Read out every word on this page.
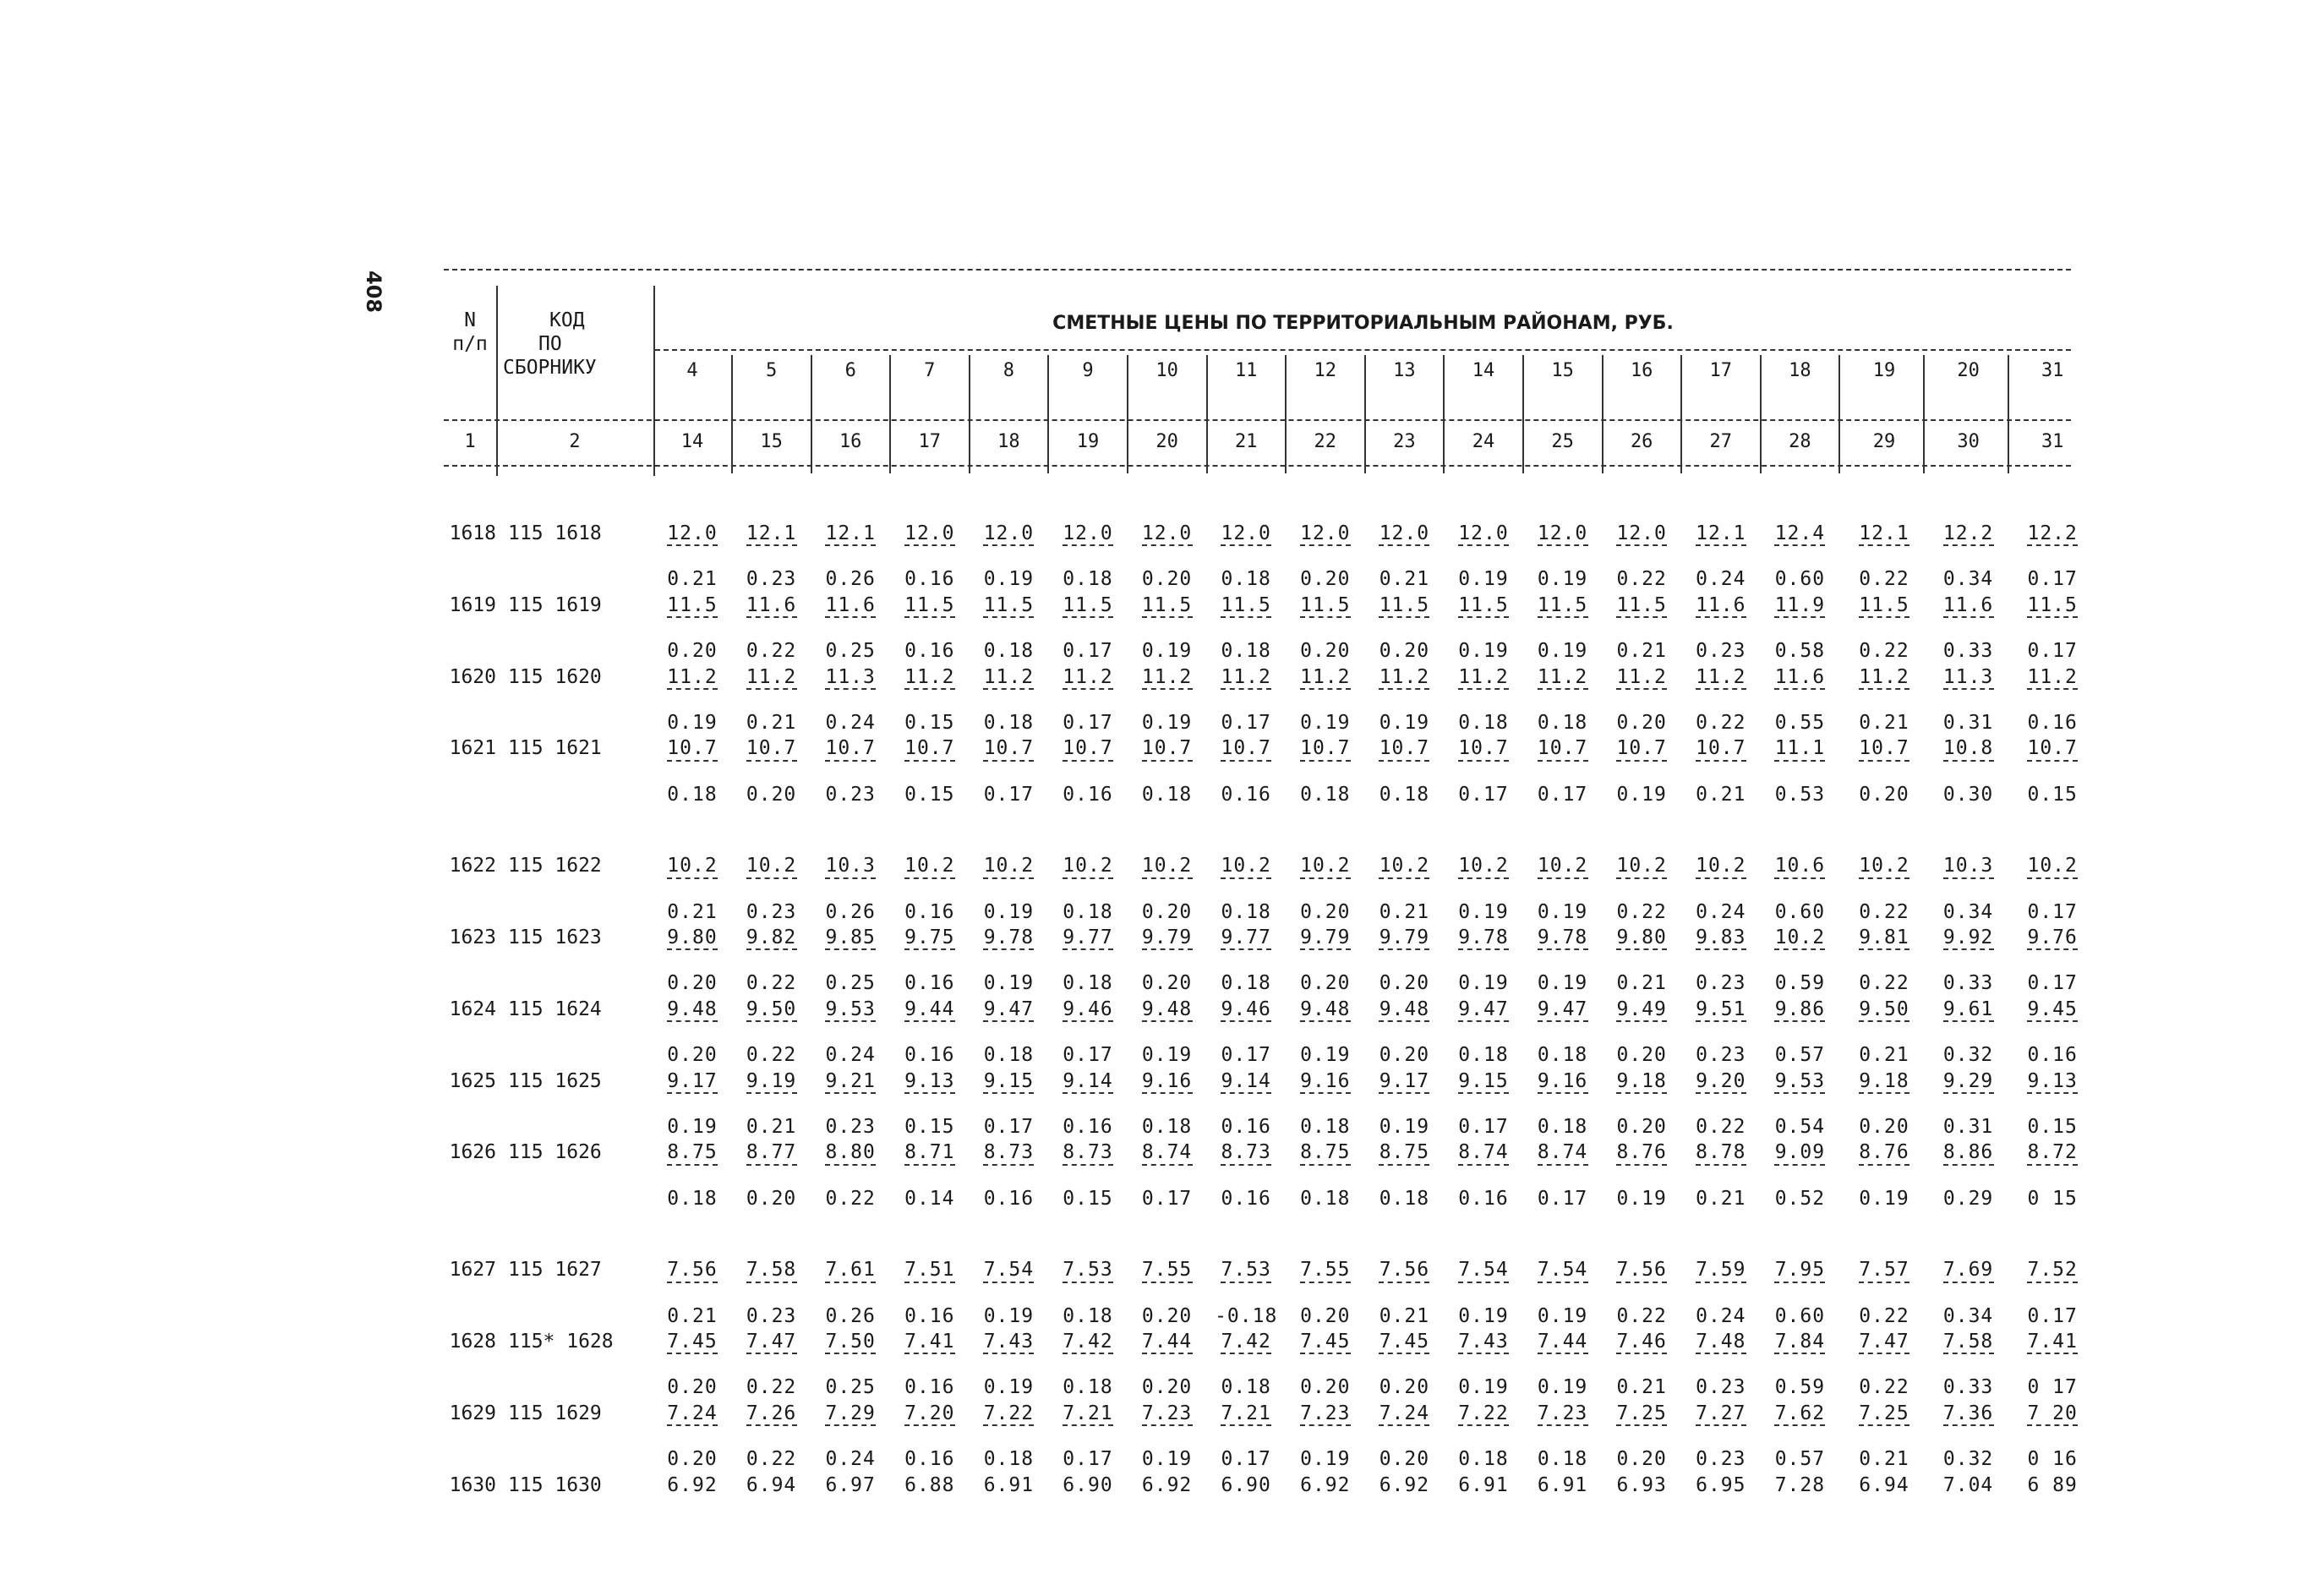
408
N
п/п
КОД
ПО
СБОРНИКУ
СМЕТНЫЕ ЦЕНЫ ПО ТЕРРИТОРИАЛЬНЫМ РАЙОНАМ, РУБ.
4	5	6	7	8	9	10	11	12	13	14	15	16	17	18	19	20	31
1	2	14	15	16	17	18	19	20	21	22	23	24	25	26	27	28	29	30	31
1618 115 1618	12.0	12.1	12.1	12.0	12.0	12.0	12.0	12.0	12.0	12.0	12.0	12.0	12.0	12.1	12.4	12.1	12.2	12.2
0.21	0.23	0.26	0.16	0.19	0.18	0.20	0.18	0.20	0.21	0.19	0.19	0.22	0.24	0.60	0.22	0.34	0.17
1619 115 1619	11.5	11.6	11.6	11.5	11.5	11.5	11.5	11.5	11.5	11.5	11.5	11.5	11.5	11.6	11.9	11.5	11.6	11.5
0.20	0.22	0.25	0.16	0.18	0.17	0.19	0.18	0.20	0.20	0.19	0.19	0.21	0.23	0.58	0.22	0.33	0.17
1620 115 1620	11.2	11.2	11.3	11.2	11.2	11.2	11.2	11.2	11.2	11.2	11.2	11.2	11.2	11.2	11.6	11.2	11.3	11.2
0.19	0.21	0.24	0.15	0.18	0.17	0.19	0.17	0.19	0.19	0.18	0.18	0.20	0.22	0.55	0.21	0.31	0.16
1621 115 1621	10.7	10.7	10.7	10.7	10.7	10.7	10.7	10.7	10.7	10.7	10.7	10.7	10.7	10.7	11.1	10.7	10.8	10.7
0.18	0.20	0.23	0.15	0.17	0.16	0.18	0.16	0.18	0.18	0.17	0.17	0.19	0.21	0.53	0.20	0.30	0.15
1622 115 1622	10.2	10.2	10.3	10.2	10.2	10.2	10.2	10.2	10.2	10.2	10.2	10.2	10.2	10.2	10.6	10.2	10.3	10.2
0.21	0.23	0.26	0.16	0.19	0.18	0.20	0.18	0.20	0.21	0.19	0.19	0.22	0.24	0.60	0.22	0.34	0.17
1623 115 1623	9.80	9.82	9.85	9.75	9.78	9.77	9.79	9.77	9.79	9.79	9.78	9.78	9.80	9.83	10.2	9.81	9.92	9.76
0.20	0.22	0.25	0.16	0.19	0.18	0.20	0.18	0.20	0.20	0.19	0.19	0.21	0.23	0.59	0.22	0.33	0.17
1624 115 1624	9.48	9.50	9.53	9.44	9.47	9.46	9.48	9.46	9.48	9.48	9.47	9.47	9.49	9.51	9.86	9.50	9.61	9.45
0.20	0.22	0.24	0.16	0.18	0.17	0.19	0.17	0.19	0.20	0.18	0.18	0.20	0.23	0.57	0.21	0.32	0.16
1625 115 1625	9.17	9.19	9.21	9.13	9.15	9.14	9.16	9.14	9.16	9.17	9.15	9.16	9.18	9.20	9.53	9.18	9.29	9.13
0.19	0.21	0.23	0.15	0.17	0.16	0.18	0.16	0.18	0.19	0.17	0.18	0.20	0.22	0.54	0.20	0.31	0.15
1626 115 1626	8.75	8.77	8.80	8.71	8.73	8.73	8.74	8.73	8.75	8.75	8.74	8.74	8.76	8.78	9.09	8.76	8.86	8.72
0.18	0.20	0.22	0.14	0.16	0.15	0.17	0.16	0.18	0.18	0.16	0.17	0.19	0.21	0.52	0.19	0.29	0 15
1627 115 1627	7.56	7.58	7.61	7.51	7.54	7.53	7.55	7.53	7.55	7.56	7.54	7.54	7.56	7.59	7.95	7.57	7.69	7.52
0.21	0.23	0.26	0.16	0.19	0.18	0.20	-0.18	0.20	0.21	0.19	0.19	0.22	0.24	0.60	0.22	0.34	0.17
1628 115* 1628	7.45	7.47	7.50	7.41	7.43	7.42	7.44	7.42	7.45	7.45	7.43	7.44	7.46	7.48	7.84	7.47	7.58	7.41
0.20	0.22	0.25	0.16	0.19	0.18	0.20	0.18	0.20	0.20	0.19	0.19	0.21	0.23	0.59	0.22	0.33	0 17
1629 115 1629	7.24	7.26	7.29	7.20	7.22	7.21	7.23	7.21	7.23	7.24	7.22	7.23	7.25	7.27	7.62	7.25	7.36	7 20
0.20	0.22	0.24	0.16	0.18	0.17	0.19	0.17	0.19	0.20	0.18	0.18	0.20	0.23	0.57	0.21	0.32	0 16
1630 115 1630	6.92	6.94	6.97	6.88	6.91	6.90	6.92	6.90	6.92	6.92	6.91	6.91	6.93	6.95	7.28	6.94	7.04	6 89
